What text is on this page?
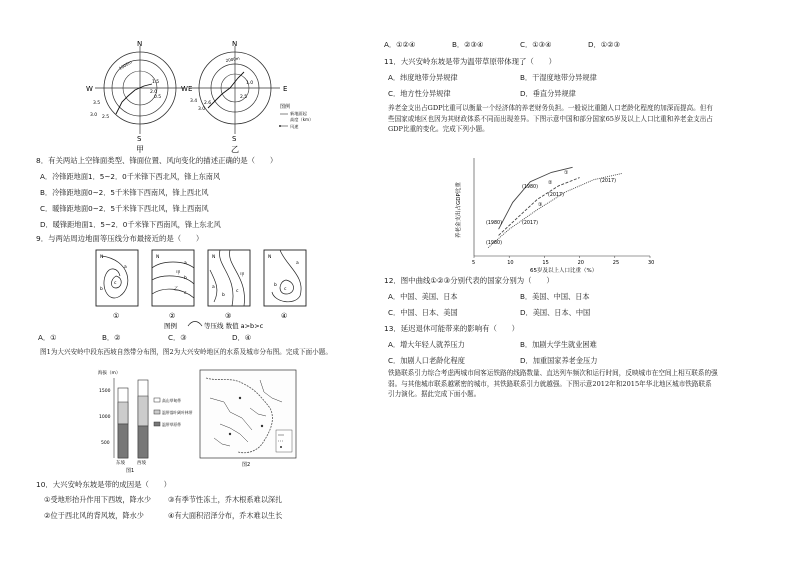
N
E
W
S
3.5
3.0 2.5
2.0
1.5
0.5
1000m
甲
N
E
W
S
3.4
3.0
2.6
2.5
1.0
2000m
乙
图例
新地面起
高度（km）
风速
8．有关两站上空锋面类型、锋面位置、风向变化的描述正确的是（　　）
A．冷锋距地面1．5~2．0千米锋下西北风，锋上东南风
B．冷锋距地面0~2．5千米锋下西南风，锋上西北风
C．暖锋距地面0~2．5千米锋下西北风，锋上西南风
D．暖锋距地面1．5~2．0千米锋下西南风，锋上东北风
9．与两站周边地面等压线分布最接近的是（　　）
N
a
b
c
①
N
甲
乙
a
b
c
②
N
甲
a
b
c
③
N
a
b
c
④
图例	等压线 数值 a>b>c
A．①	B．②	C．③	D．④
图1为大兴安岭中段东西坡自然带分布图，图2为大兴安岭地区的水系及城市分布图。完成下面小题。
海拔（m）
1500
1000
500
东坡	西坡
图1
高山草甸带
温带落叶阔叶林带
温带草原带
图2
10．大兴安岭东坡是带的成因是（　　）
①受地形抬升作用下西坡，降水少 ③有季节性冻土，乔木根系难以深扎
②位于西北风的背风坡，降水少	④有大面积沼泽分布，乔木难以生长
A．①②④	B．②③④	C．①③④	D．①②③
11．大兴安岭东坡是带为温带草原带体现了（　　）
A．纬度地带分异规律	B．干湿度地带分异规律
C．地方性分异规律	D．垂直分异规律
养老金支出占GDP比重可以衡量一个经济体的养老财务负担。一般说比重随人口老龄化程度的加深而提高。但有些国家或地区也因为其财政体系不同而出现差异。下图示意中国和部分国家65岁及以上人口比重和养老金支出占GDP比重的变化。完成下列小题。
养老金支出占GDP比重
65岁及以上人口比重（%）
5	10	15	20	25	30
(1980)
(1980)
(1980)
(2017)
(2017)
(2017)
①
②
③
12．图中曲线①②③分别代表的国家分别为（　　）
A．中国、美国、日本	B．美国、中国、日本
C．中国、日本、美国	D．美国、日本、中国
13．延迟退休可能带来的影响有（　　）
A．增大年轻人就养压力	B．加剧大学生就业困难
C．加剧人口老龄化程度	D．加重国家养老金压力
铁路联系引力综合考虑两城市间客运铁路的线路数量、直达列车频次和运行时间，反映城市在空间上相互联系的强弱。与其他城市联系越紧密的城市，其铁路联系引力就越强。下图示意2012年和2015年华北地区城市铁路联系引力演化。据此完成下面小题。
